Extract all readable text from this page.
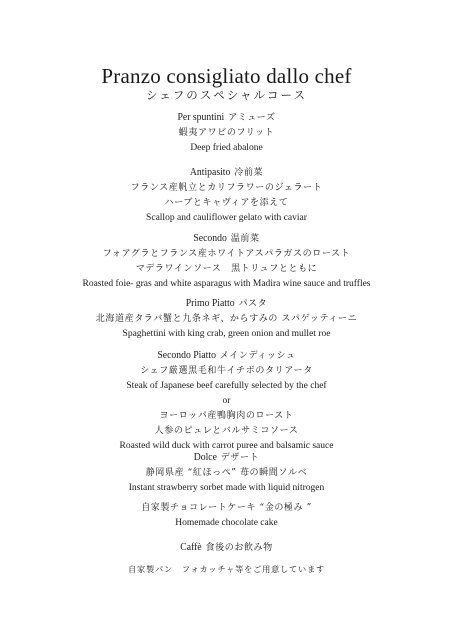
Pranzo consigliato dallo chef
シェフのスペシャルコース
Per spuntini アミューズ
蝦夷アワビのフリット
Deep fried abalone
Antipasito 冷前菜
フランス産帆立とカリフラワーのジェラート
ハーブとキャヴィアを添えて
Scallop and cauliflower gelato with caviar
Secondo 温前菜
フォアグラとフランス産ホワイトアスパラガスのロースト
マデラワインソース　黒トリュフとともに
Roasted foie- gras and white asparagus with Madira wine sauce and truffles
Primo Piatto パスタ
北海道産タラバ蟹と九条ネギ、からすみの スパゲッティーニ
Spaghettini with king crab, green onion and mullet roe
Secondo Piatto メインディッシュ
シェフ厳選黒毛和牛イチボのタリアータ
Steak of Japanese beef carefully selected by the chef
or
ヨーロッパ産鴨胸肉のロースト
人参のピュレとバルサミコソース
Roasted wild duck with carrot puree and balsamic sauce
Dolce デザート
静岡県産 “紅ほっぺ” 苺の瞬間ソルベ
Instant strawberry sorbet made with liquid nitrogen
自家製チョコレートケーキ “金の極み ”
Homemade chocolate cake
Caffè 食後のお飲み物
自家製パン　フォカッチャ等をご用意しています
